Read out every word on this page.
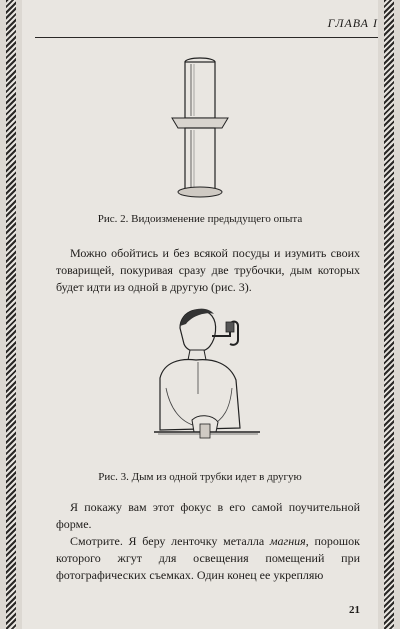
ГЛАВА I
Рис. 2. Видоизменение предыдущего опыта

Можно обойтись и без всякой посуды и изумить своих товарищей, покуривая сразу две трубочки, дым которых будет идти из одной в другую (рис. 3).

Рис. 3. Дым из одной трубки идет в другую

Я покажу вам этот фокус в его самой поучительной форме.

Смотрите. Я беру ленточку металла магния, порошок которого жгут для освещения помещений при фотографических съемках. Один конец ее укрепляю

21
